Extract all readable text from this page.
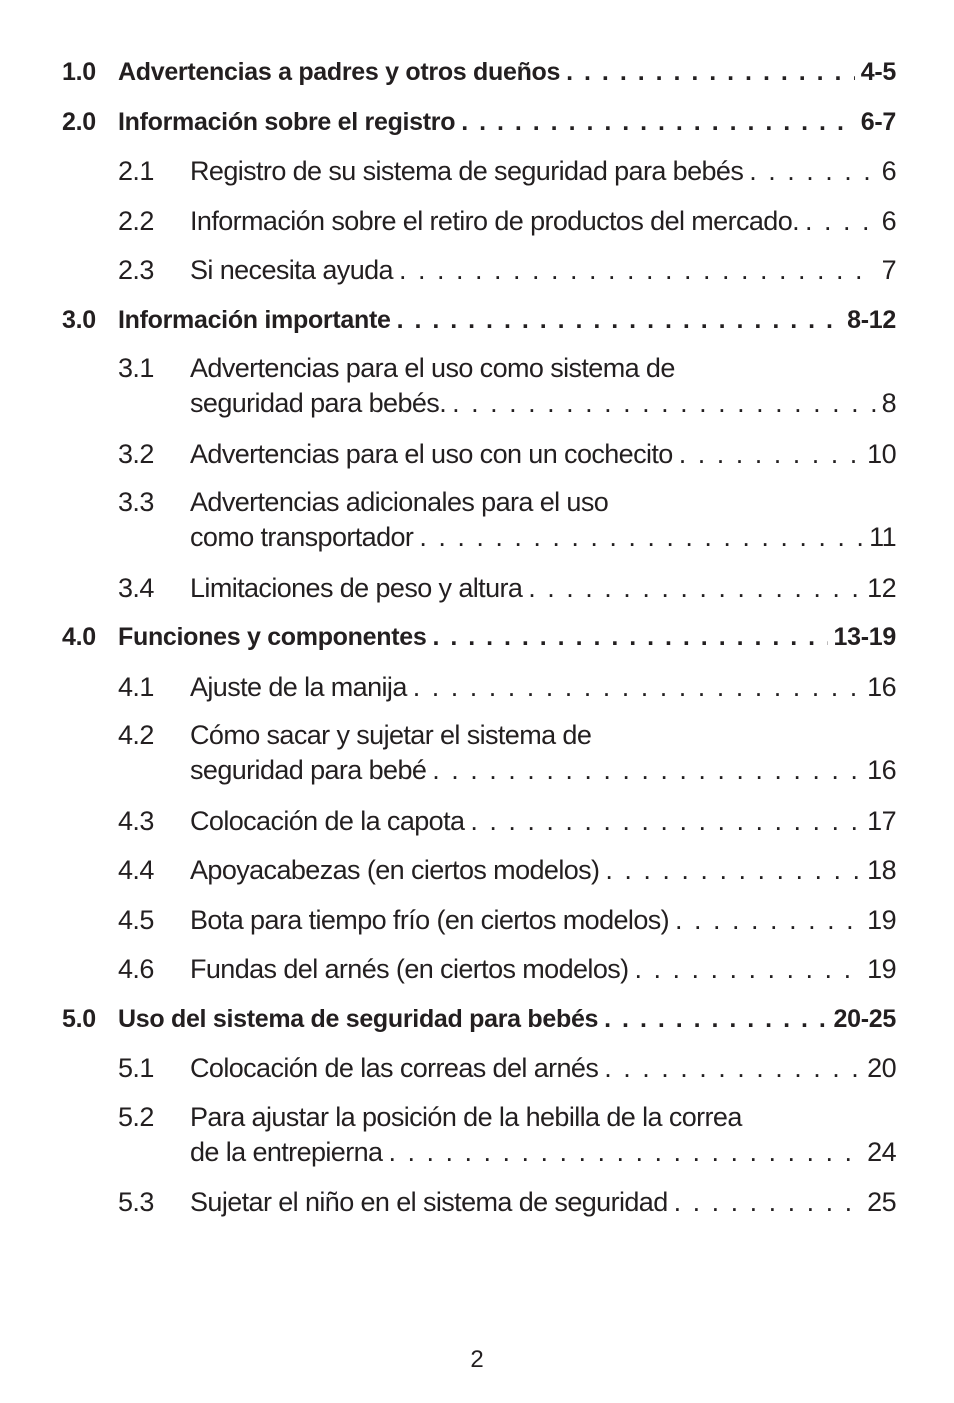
1.0 Advertencias a padres y otros dueños . . .	4-5
2.0 Información sobre el registro . . .	6-7
2.1	Registro de su sistema de seguridad para bebés . . .	6
2.2	Información sobre el retiro de productos del mercado. . . .	6
2.3	Si necesita ayuda . . .	7
3.0 Información importante . . .	8-12
3.1	Advertencias para el uso como sistema de
seguridad para bebés. . . .	8
3.2	Advertencias para el uso con un cochecito . . .	10
3.3	Advertencias adicionales para el uso
como transportador . . .	11
3.4	Limitaciones de peso y altura . . .	12
4.0 Funciones y componentes . . .	13-19
4.1	Ajuste de la manija . . .	16
4.2	Cómo sacar y sujetar el sistema de
seguridad para bebé . . .	16
4.3	Colocación de la capota . . .	17
4.4	Apoyacabezas (en ciertos modelos) . . .	18
4.5	Bota para tiempo frío (en ciertos modelos) . . .	19
4.6	Fundas del arnés (en ciertos modelos) . . .	19
5.0 Uso del sistema de seguridad para bebés . . .	20-25
5.1	Colocación de las correas del arnés . . .	20
5.2	Para ajustar la posición de la hebilla de la correa
de la entrepierna . . .	24
5.3	Sujetar el niño en el sistema de seguridad . . .	25
2
